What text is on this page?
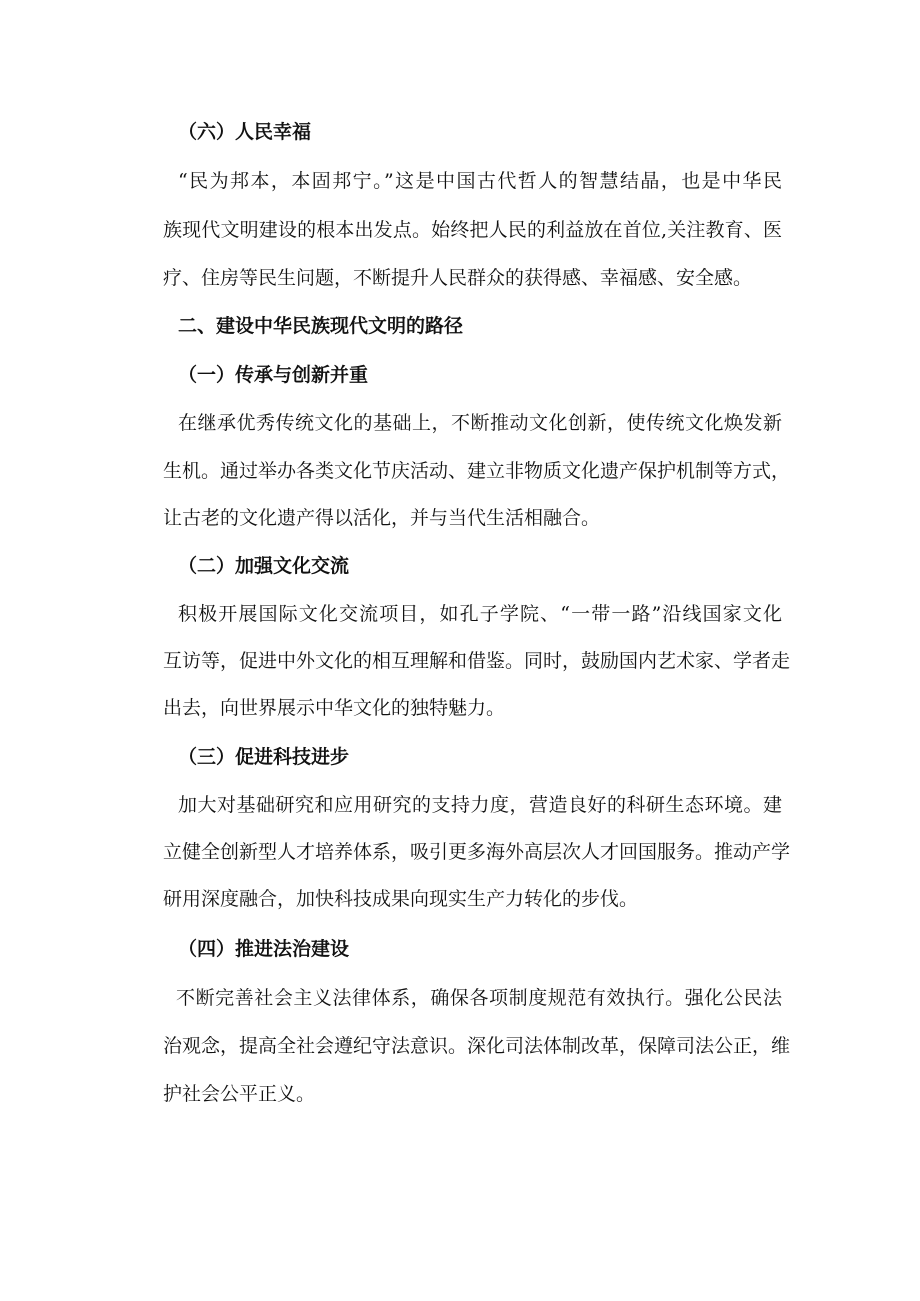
（六）人民幸福
“民为邦本，本固邦宁。”这是中国古代哲人的智慧结晶，也是中华民
族现代文明建设的根本出发点。始终把人民的利益放在首位,关注教育、医
疗、住房等民生问题，不断提升人民群众的获得感、幸福感、安全感。
二、建设中华民族现代文明的路径
（一）传承与创新并重
在继承优秀传统文化的基础上，不断推动文化创新，使传统文化焕发新
生机。通过举办各类文化节庆活动、建立非物质文化遗产保护机制等方式，
让古老的文化遗产得以活化，并与当代生活相融合。
（二）加强文化交流
积极开展国际文化交流项目，如孔子学院、“一带一路”沿线国家文化
互访等，促进中外文化的相互理解和借鉴。同时，鼓励国内艺术家、学者走
出去，向世界展示中华文化的独特魅力。
（三）促进科技进步
加大对基础研究和应用研究的支持力度，营造良好的科研生态环境。建
立健全创新型人才培养体系，吸引更多海外高层次人才回国服务。推动产学
研用深度融合，加快科技成果向现实生产力转化的步伐。
（四）推进法治建设
不断完善社会主义法律体系，确保各项制度规范有效执行。强化公民法
治观念，提高全社会遵纪守法意识。深化司法体制改革，保障司法公正，维
护社会公平正义。
